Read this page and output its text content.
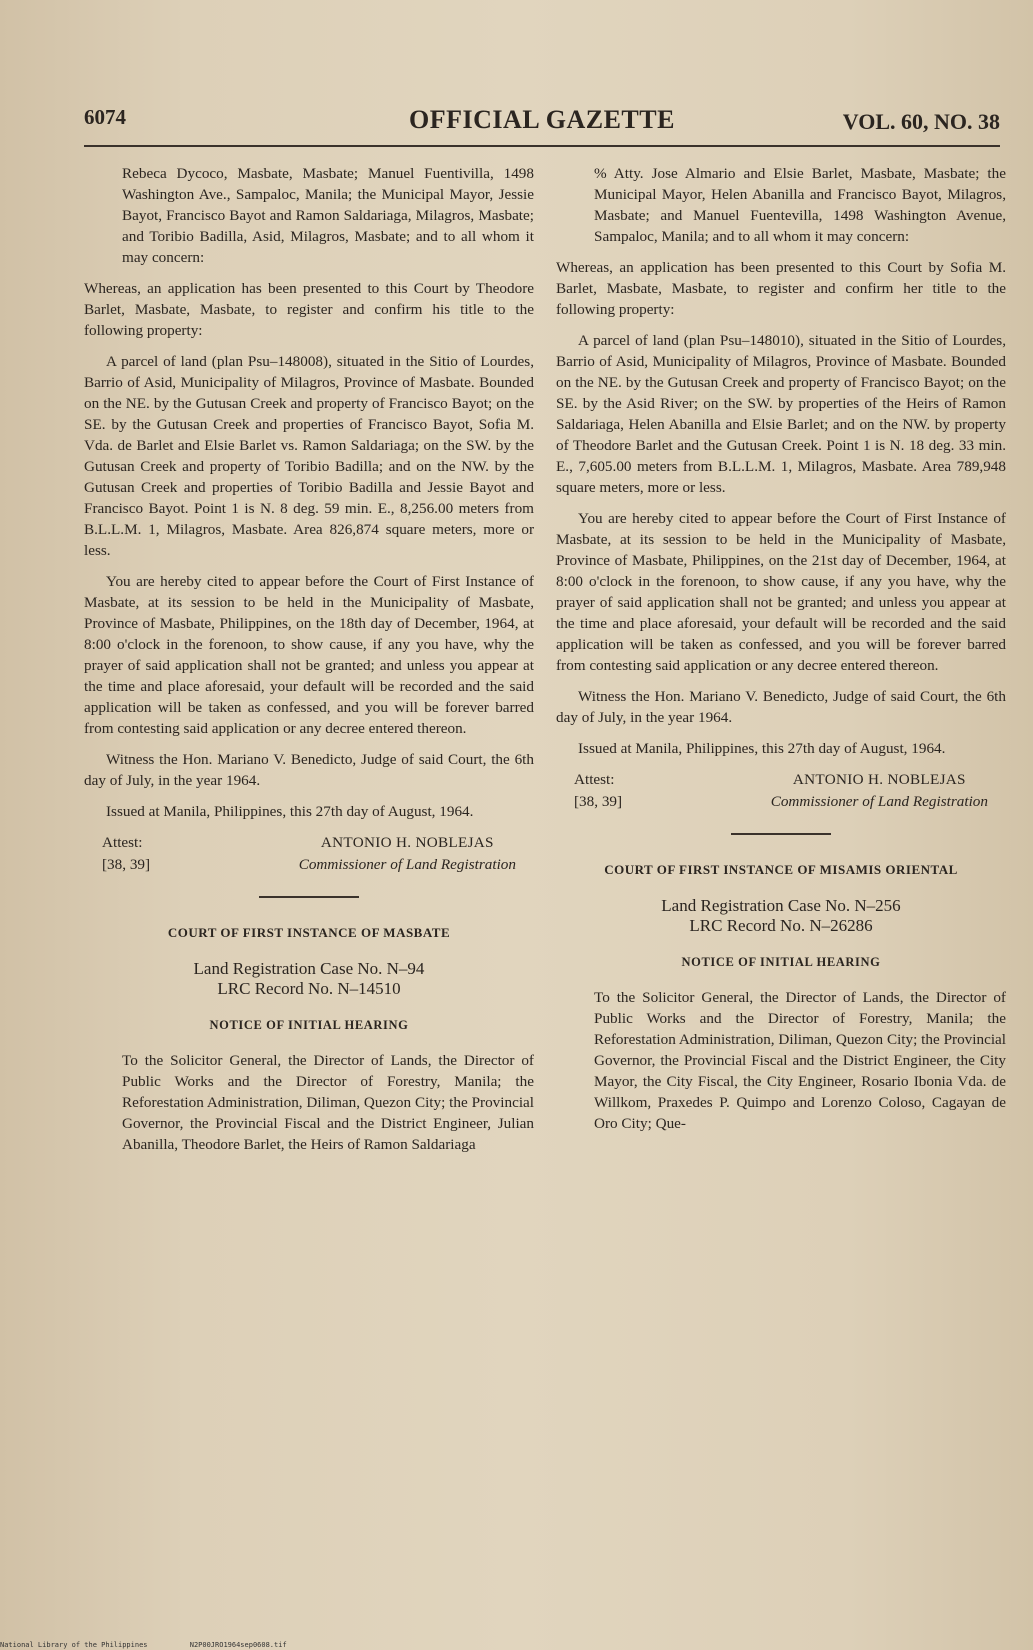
6074	OFFICIAL GAZETTE	VOL. 60, NO. 38

Rebeca Dycoco, Masbate, Masbate; Manuel Fuentivilla, 1498 Washington Ave., Sampaloc, Manila; the Municipal Mayor, Jessie Bayot, Francisco Bayot and Ramon Saldariaga, Milagros, Masbate; and Toribio Badilla, Asid, Milagros, Masbate; and to all whom it may concern:

Whereas, an application has been presented to this Court by Theodore Barlet, Masbate, Masbate, to register and confirm his title to the following property:

A parcel of land (plan Psu–148008), situated in the Sitio of Lourdes, Barrio of Asid, Municipality of Milagros, Province of Masbate. Bounded on the NE. by the Gutusan Creek and property of Francisco Bayot; on the SE. by the Gutusan Creek and properties of Francisco Bayot, Sofia M. Vda. de Barlet and Elsie Barlet vs. Ramon Saldariaga; on the SW. by the Gutusan Creek and property of Toribio Badilla; and on the NW. by the Gutusan Creek and properties of Toribio Badilla and Jessie Bayot and Francisco Bayot. Point 1 is N. 8 deg. 59 min. E., 8,256.00 meters from B.L.L.M. 1, Milagros, Masbate. Area 826,874 square meters, more or less.

You are hereby cited to appear before the Court of First Instance of Masbate, at its session to be held in the Municipality of Masbate, Province of Masbate, Philippines, on the 18th day of December, 1964, at 8:00 o'clock in the forenoon, to show cause, if any you have, why the prayer of said application shall not be granted; and unless you appear at the time and place aforesaid, your default will be recorded and the said application will be taken as confessed, and you will be forever barred from contesting said application or any decree entered thereon.

Witness the Hon. Mariano V. Benedicto, Judge of said Court, the 6th day of July, in the year 1964.

Issued at Manila, Philippines, this 27th day of August, 1964.

Attest:
[38, 39]
ANTONIO H. NOBLEJAS
Commissioner of Land Registration
COURT OF FIRST INSTANCE OF MASBATE
Land Registration Case No. N–94
LRC Record No. N–14510
NOTICE OF INITIAL HEARING

To the Solicitor General, the Director of Lands, the Director of Public Works and the Director of Forestry, Manila; the Reforestation Administration, Diliman, Quezon City; the Provincial Governor, the Provincial Fiscal and the District Engineer, Julian Abanilla, Theodore Barlet, the Heirs of Ramon Saldariaga

% Atty. Jose Almario and Elsie Barlet, Masbate, Masbate; the Municipal Mayor, Helen Abanilla and Francisco Bayot, Milagros, Masbate; and Manuel Fuentevilla, 1498 Washington Avenue, Sampaloc, Manila; and to all whom it may concern:

Whereas, an application has been presented to this Court by Sofia M. Barlet, Masbate, Masbate, to register and confirm her title to the following property:

A parcel of land (plan Psu–148010), situated in the Sitio of Lourdes, Barrio of Asid, Municipality of Milagros, Province of Masbate. Bounded on the NE. by the Gutusan Creek and property of Francisco Bayot; on the SE. by the Asid River; on the SW. by properties of the Heirs of Ramon Saldariaga, Helen Abanilla and Elsie Barlet; and on the NW. by property of Theodore Barlet and the Gutusan Creek. Point 1 is N. 18 deg. 33 min. E., 7,605.00 meters from B.L.L.M. 1, Milagros, Masbate. Area 789,948 square meters, more or less.

You are hereby cited to appear before the Court of First Instance of Masbate, at its session to be held in the Municipality of Masbate, Province of Masbate, Philippines, on the 21st day of December, 1964, at 8:00 o'clock in the forenoon, to show cause, if any you have, why the prayer of said application shall not be granted; and unless you appear at the time and place aforesaid, your default will be recorded and the said application will be taken as confessed, and you will be forever barred from contesting said application or any decree entered thereon.

Witness the Hon. Mariano V. Benedicto, Judge of said Court, the 6th day of July, in the year 1964.

Issued at Manila, Philippines, this 27th day of August, 1964.

Attest:
[38, 39]
ANTONIO H. NOBLEJAS
Commissioner of Land Registration
COURT OF FIRST INSTANCE OF MISAMIS ORIENTAL
Land Registration Case No. N–256
LRC Record No. N–26286
NOTICE OF INITIAL HEARING

To the Solicitor General, the Director of Lands, the Director of Public Works and the Director of Forestry, Manila; the Reforestation Administration, Diliman, Quezon City; the Provincial Governor, the Provincial Fiscal and the District Engineer, the City Mayor, the City Fiscal, the City Engineer, Rosario Ibonia Vda. de Willkom, Praxedes P. Quimpo and Lorenzo Coloso, Cagayan de Oro City; Que-

National Library of the Philippines	N2P00JRO1964sep0608.tif
